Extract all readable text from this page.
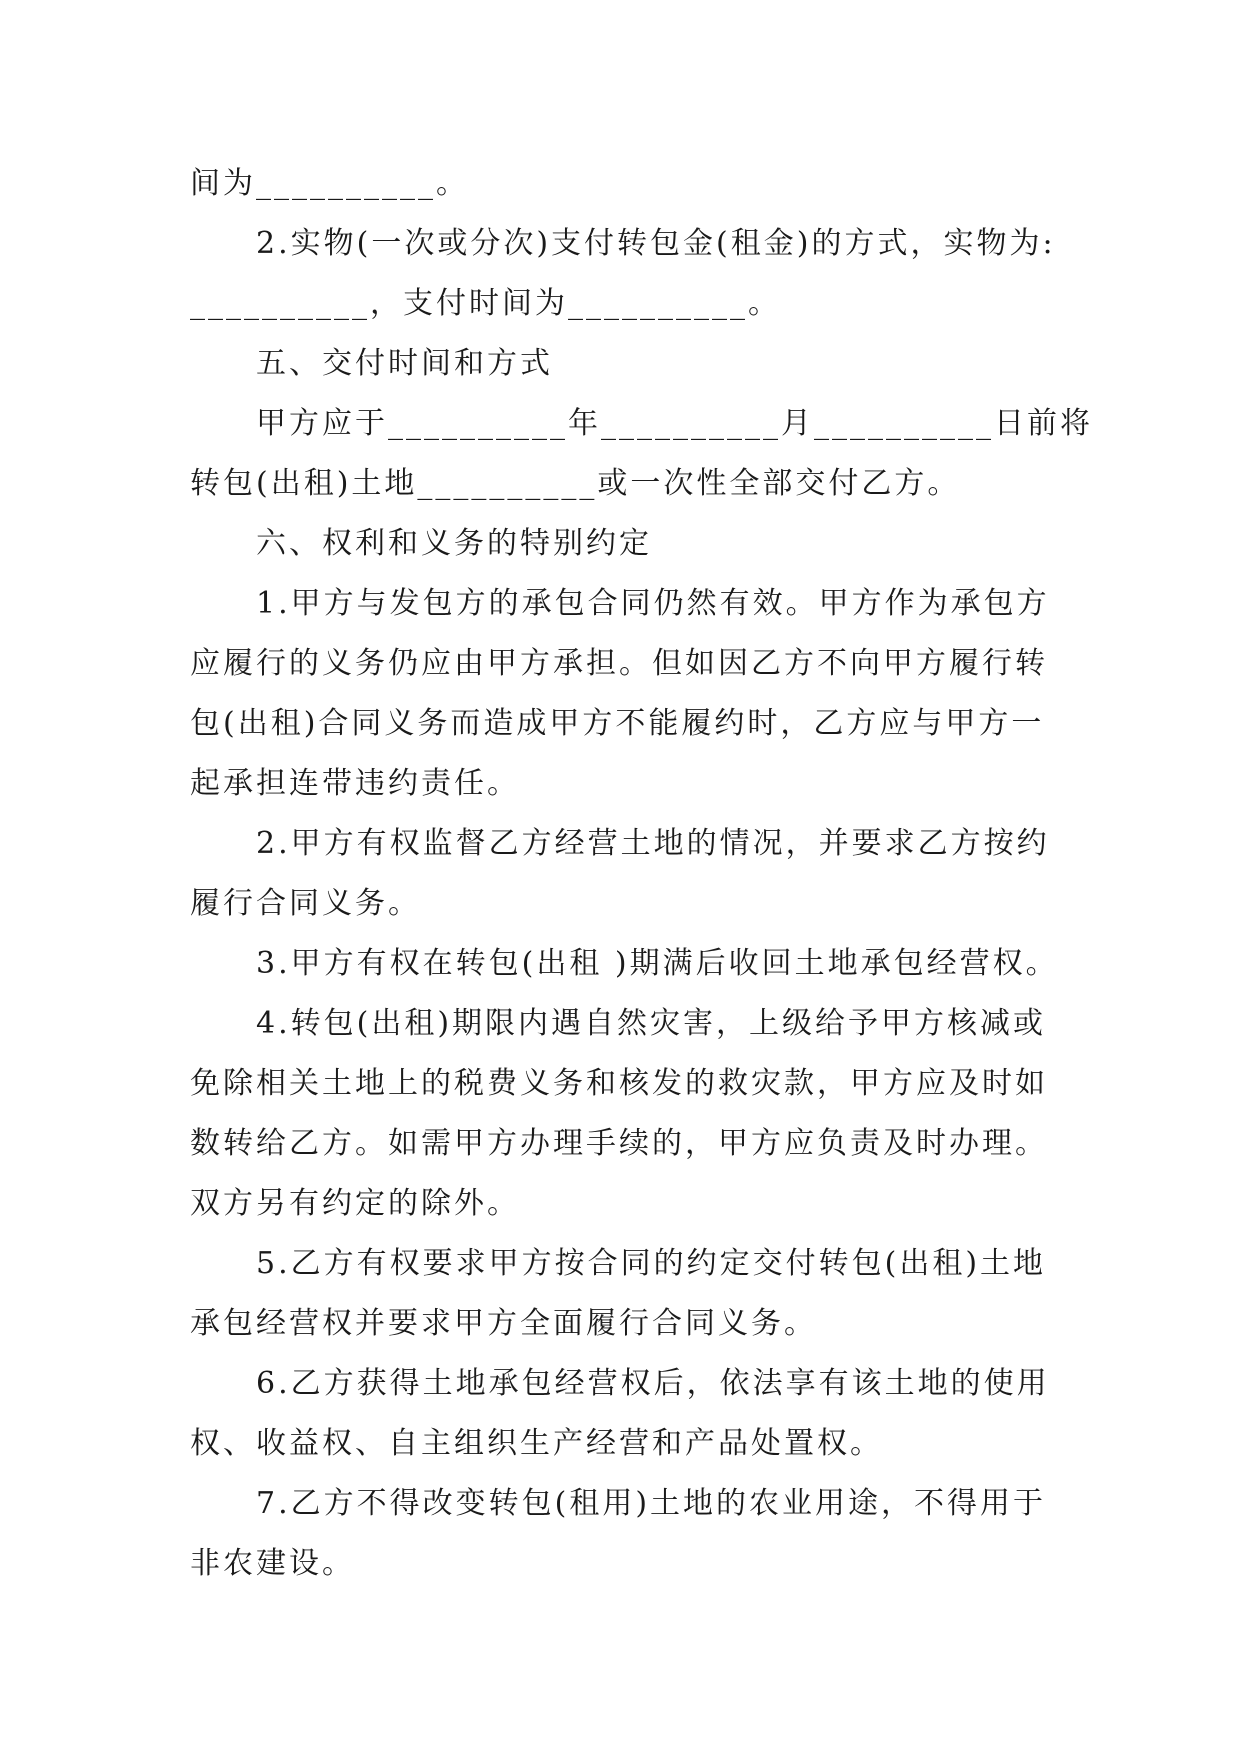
间为__________。
2.实物(一次或分次)支付转包金(租金)的方式，实物为:
__________，支付时间为__________。
五、交付时间和方式
甲方应于__________年__________月__________日前将
转包(出租)土地__________或一次性全部交付乙方。
六、权利和义务的特别约定
1.甲方与发包方的承包合同仍然有效。甲方作为承包方
应履行的义务仍应由甲方承担。但如因乙方不向甲方履行转
包(出租)合同义务而造成甲方不能履约时，乙方应与甲方一
起承担连带违约责任。
2.甲方有权监督乙方经营土地的情况，并要求乙方按约
履行合同义务。
3.甲方有权在转包(出租 )期满后收回土地承包经营权。
4.转包(出租)期限内遇自然灾害，上级给予甲方核减或
免除相关土地上的税费义务和核发的救灾款，甲方应及时如
数转给乙方。如需甲方办理手续的，甲方应负责及时办理。
双方另有约定的除外。
5.乙方有权要求甲方按合同的约定交付转包(出租)土地
承包经营权并要求甲方全面履行合同义务。
6.乙方获得土地承包经营权后，依法享有该土地的使用
权、收益权、自主组织生产经营和产品处置权。
7.乙方不得改变转包(租用)土地的农业用途，不得用于
非农建设。
